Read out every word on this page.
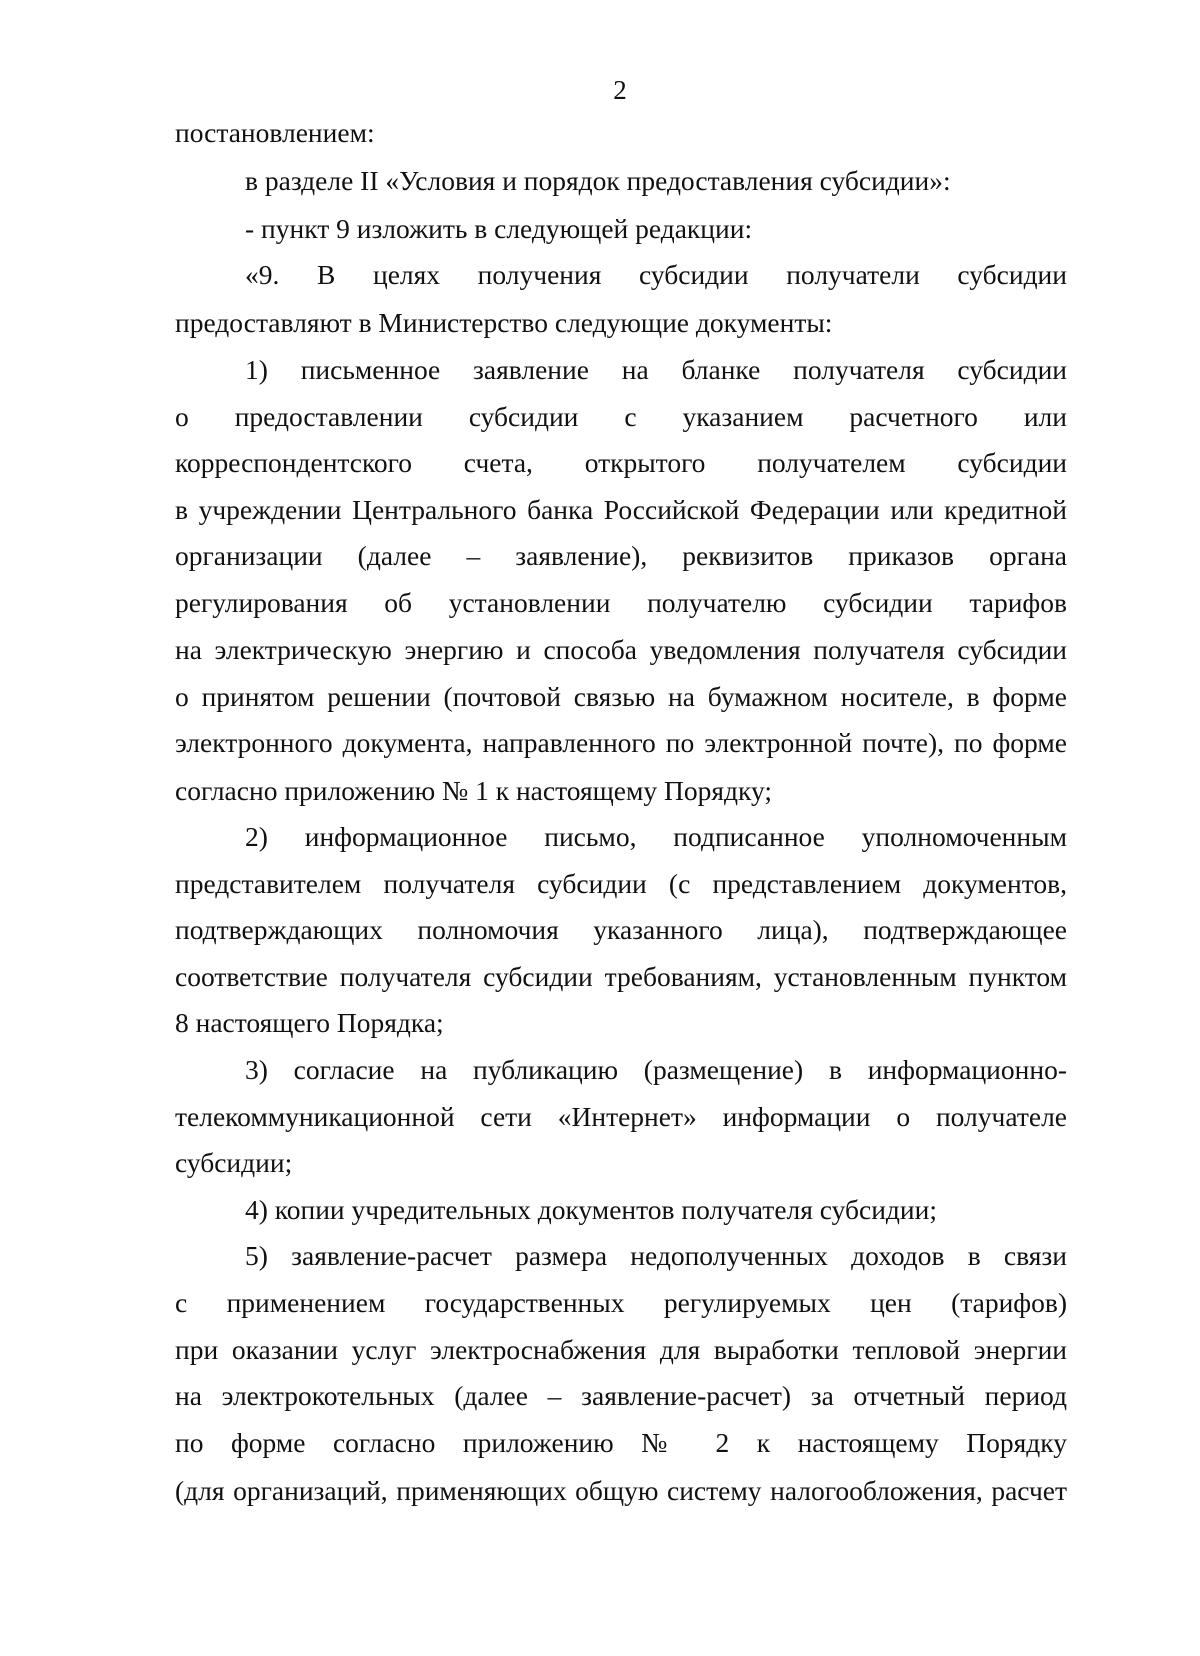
2
постановлением:
в разделе II «Условия и порядок предоставления субсидии»:
- пункт 9 изложить в следующей редакции:
«9. В целях получения субсидии получатели субсидии
предоставляют в Министерство следующие документы:
1) письменное заявление на бланке получателя субсидии
о предоставлении субсидии с указанием расчетного или
корреспондентского счета, открытого получателем субсидии
в учреждении Центрального банка Российской Федерации или кредитной
организации (далее – заявление), реквизитов приказов органа
регулирования об установлении получателю субсидии тарифов
на электрическую энергию и способа уведомления получателя субсидии
о принятом решении (почтовой связью на бумажном носителе, в форме
электронного документа, направленного по электронной почте), по форме
согласно приложению № 1 к настоящему Порядку;
2) информационное письмо, подписанное уполномоченным
представителем получателя субсидии (с представлением документов,
подтверждающих полномочия указанного лица), подтверждающее
соответствие получателя субсидии требованиям, установленным пунктом
8 настоящего Порядка;
3) согласие на публикацию (размещение) в информационно-
телекоммуникационной сети «Интернет» информации о получателе
субсидии;
4) копии учредительных документов получателя субсидии;
5) заявление-расчет размера недополученных доходов в связи
с применением государственных регулируемых цен (тарифов)
при оказании услуг электроснабжения для выработки тепловой энергии
на электрокотельных (далее – заявление-расчет) за отчетный период
по форме согласно приложению № 2 к настоящему Порядку
(для организаций, применяющих общую систему налогообложения, расчет
